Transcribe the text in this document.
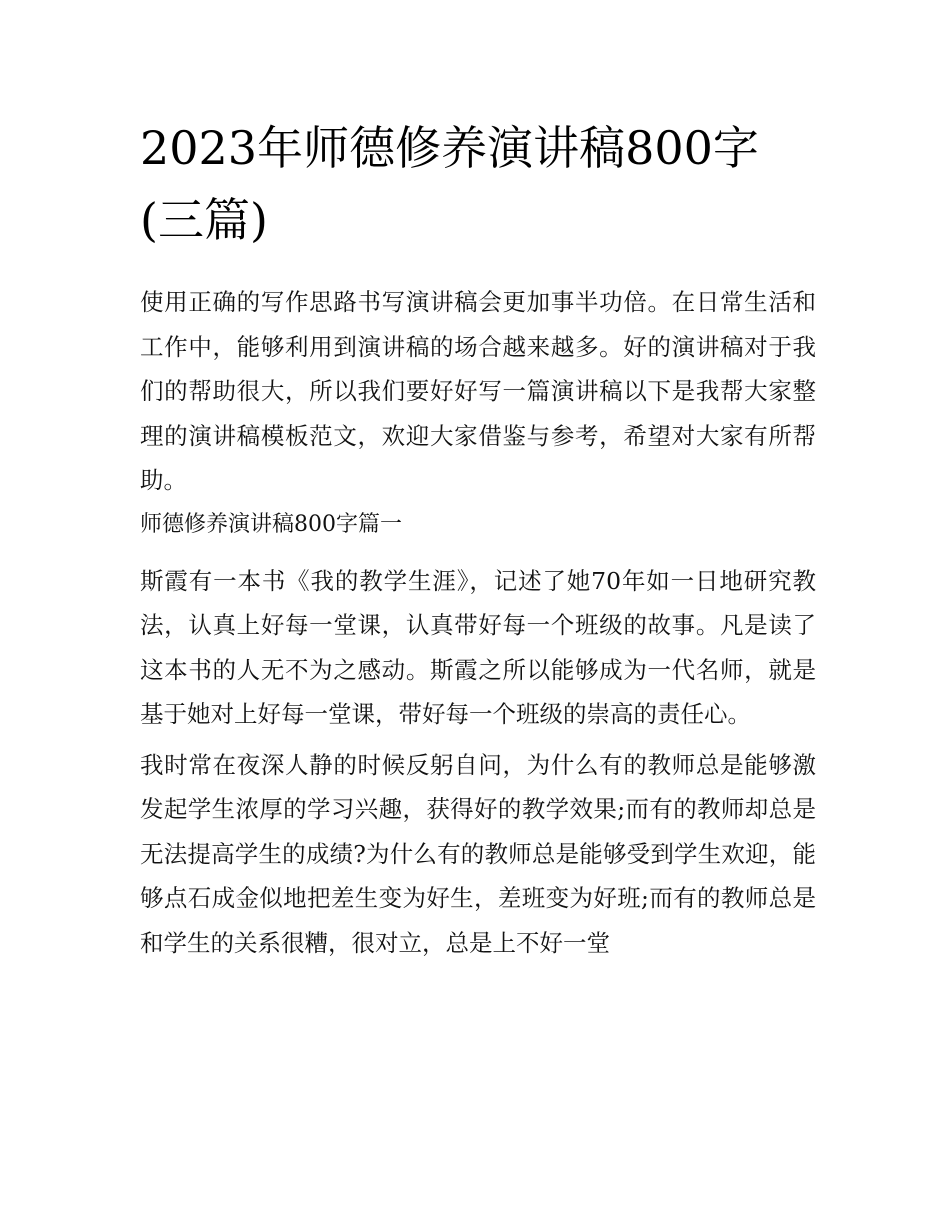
2023年师德修养演讲稿800字(三篇)

使用正确的写作思路书写演讲稿会更加事半功倍。在日常生活和工作中，能够利用到演讲稿的场合越来越多。好的演讲稿对于我们的帮助很大，所以我们要好好写一篇演讲稿以下是我帮大家整理的演讲稿模板范文，欢迎大家借鉴与参考，希望对大家有所帮助。

师德修养演讲稿800字篇一

斯霞有一本书《我的教学生涯》，记述了她70年如一日地研究教法，认真上好每一堂课，认真带好每一个班级的故事。凡是读了这本书的人无不为之感动。斯霞之所以能够成为一代名师，就是基于她对上好每一堂课，带好每一个班级的崇高的责任心。

我时常在夜深人静的时候反躬自问，为什么有的教师总是能够激发起学生浓厚的学习兴趣，获得好的教学效果;而有的教师却总是无法提高学生的成绩?为什么有的教师总是能够受到学生欢迎，能够点石成金似地把差生变为好生，差班变为好班;而有的教师总是和学生的关系很糟，很对立，总是上不好一堂
